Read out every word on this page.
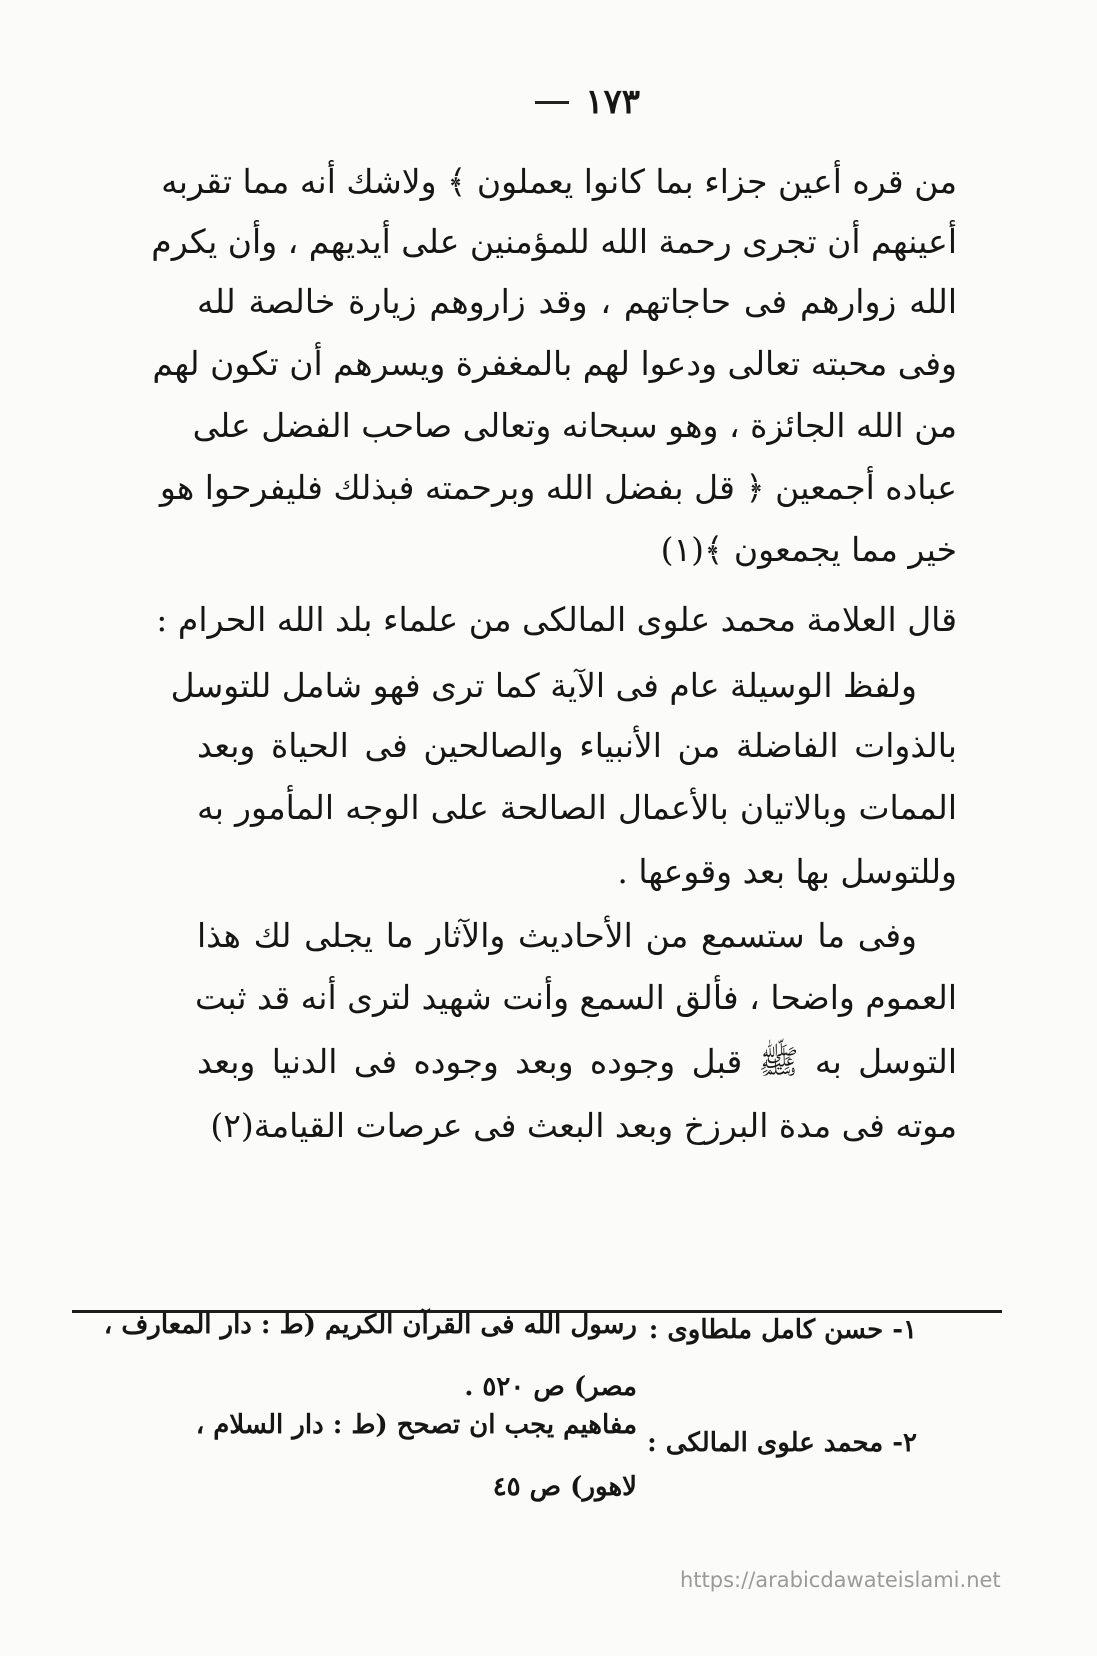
١٧٣
من قره أعين جزاء بما كانوا يعملون ﴾ ولاشك أنه مما تقربه
أعينهم أن تجرى رحمة الله للمؤمنين على أيديهم ، وأن يكرم
الله زوارهم فى حاجاتهم ، وقد زاروهم زيارة خالصة لله
وفى محبته تعالى ودعوا لهم بالمغفرة ويسرهم أن تكون لهم
من الله الجائزة ، وهو سبحانه وتعالى صاحب الفضل على
عباده أجمعين ﴿ قل بفضل الله وبرحمته فبذلك فليفرحوا هو
خير مما يجمعون ﴾(١)
قال العلامة محمد علوى المالكى من علماء بلد الله الحرام :
ولفظ الوسيلة عام فى الآية كما ترى فهو شامل للتوسل
بالذوات الفاضلة من الأنبياء والصالحين فى الحياة وبعد
الممات وبالاتيان بالأعمال الصالحة على الوجه المأمور به
وللتوسل بها بعد وقوعها .
وفى ما ستسمع من الأحاديث والآثار ما يجلى لك هذا
العموم واضحا ، فألق السمع وأنت شهيد لترى أنه قد ثبت
التوسل به ﷺ قبل وجوده وبعد وجوده فى الدنيا وبعد
موته فى مدة البرزخ وبعد البعث فى عرصات القيامة(٢)
١- حسن كامل ملطاوى :
رسول الله فى القرآن الكريم (ط : دار المعارف ،
مصر) ص ٥٢٠ .
٢- محمد علوى المالكى :
مفاهيم يجب ان تصحح (ط : دار السلام ،
لاهور) ص ٤٥
https://arabicdawateislami.net
